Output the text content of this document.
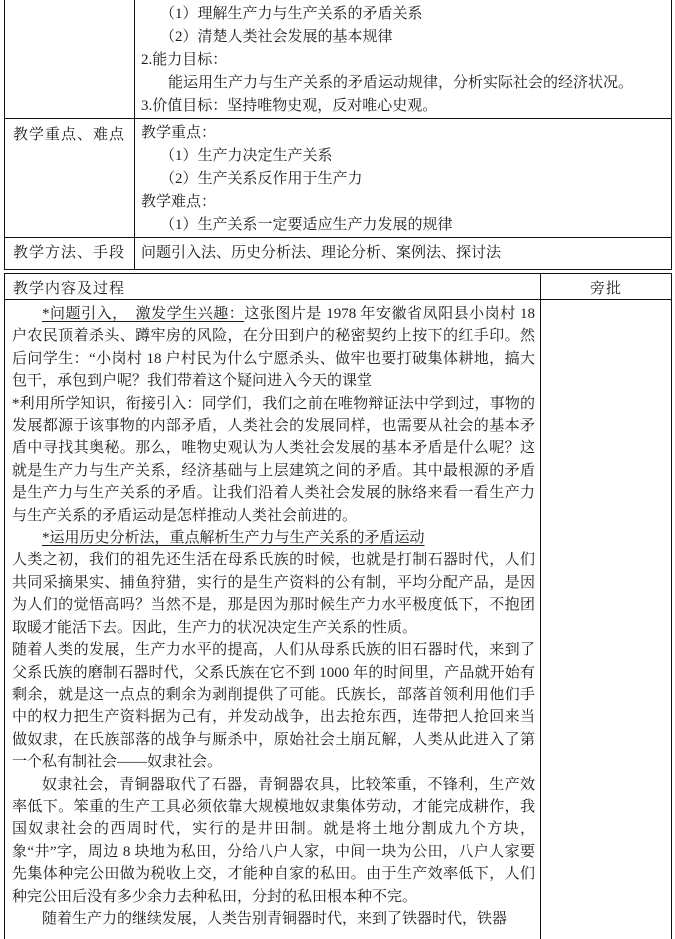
	（1）理解生产力与生产关系的矛盾关系
（2）清楚人类社会发展的基本规律
2.能力目标：
能运用生产力与生产关系的矛盾运动规律，分析实际社会的经济状况。
3.价值目标：坚持唯物史观，反对唯心史观。

教学重点、难点	教学重点：
（1）生产力决定生产关系
（2）生产关系反作用于生产力
教学难点：
（1）生产关系一定要适应生产力发展的规律

教学方法、手段	问题引入法、历史分析法、理论分析、案例法、探讨法
教学内容及过程	旁批

*问题引入，　激发学生兴趣：这张图片是 1978 年安徽省凤阳县小岗村 18 户农民顶着杀头、蹲牢房的风险，在分田到户的秘密契约上按下的红手印。然后问学生：“小岗村 18 户村民为什么宁愿杀头、做牢也要打破集体耕地，搞大包干，承包到户呢？我们带着这个疑问进入今天的课堂

*利用所学知识，衔接引入：同学们，我们之前在唯物辩证法中学到过，事物的发展都源于该事物的内部矛盾，人类社会的发展同样，也需要从社会的基本矛盾中寻找其奥秘。那么，唯物史观认为人类社会发展的基本矛盾是什么呢？这就是生产力与生产关系，经济基础与上层建筑之间的矛盾。其中最根源的矛盾是生产力与生产关系的矛盾。让我们沿着人类社会发展的脉络来看一看生产力与生产关系的矛盾运动是怎样推动人类社会前进的。

*运用历史分析法，重点解析生产力与生产关系的矛盾运动

人类之初，我们的祖先还生活在母系氏族的时候，也就是打制石器时代，人们共同采摘果实、捕鱼狩猎，实行的是生产资料的公有制，平均分配产品，是因为人们的觉悟高吗？当然不是，那是因为那时候生产力水平极度低下，不抱团取暖才能活下去。因此，生产力的状况决定生产关系的性质。

随着人类的发展，生产力水平的提高，人们从母系氏族的旧石器时代，来到了父系氏族的磨制石器时代，父系氏族在它不到 1000 年的时间里，产品就开始有剩余，就是这一点点的剩余为剥削提供了可能。氏族长，部落首领利用他们手中的权力把生产资料据为己有，并发动战争，出去抢东西，连带把人抢回来当做奴隶，在氏族部落的战争与厮杀中，原始社会土崩瓦解，人类从此进入了第一个私有制社会——奴隶社会。

奴隶社会，青铜器取代了石器，青铜器农具，比较笨重，不锋利，生产效率低下。笨重的生产工具必须依靠大规模地奴隶集体劳动，才能完成耕作，我国奴隶社会的西周时代，实行的是井田制。就是将土地分割成九个方块，象“井”字，周边 8 块地为私田，分给八户人家，中间一块为公田，八户人家要先集体种完公田做为税收上交，才能种自家的私田。由于生产效率低下，人们种完公田后没有多少余力去种私田，分封的私田根本种不完。

随着生产力的继续发展，人类告别青铜器时代，来到了铁器时代，铁器
